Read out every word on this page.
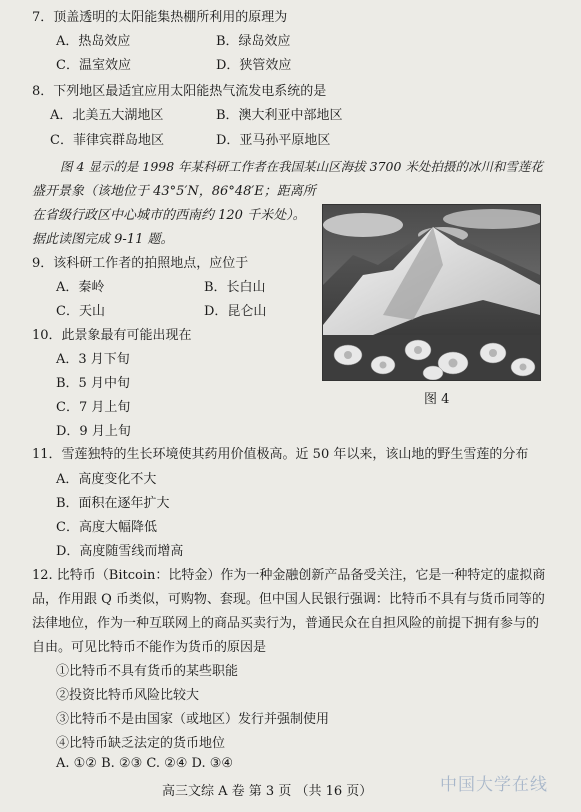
7．顶盖透明的太阳能集热棚所利用的原理为
A．热岛效应	B．绿岛效应
C．温室效应	D．狭管效应
8．下列地区最适宜应用太阳能热气流发电系统的是
A．北美五大湖地区	B．澳大利亚中部地区
C．菲律宾群岛地区	D．亚马孙平原地区
图 4 显示的是 1998 年某科研工作者在我国某山区海拔 3700 米处拍摄的冰川和雪莲花
盛开景象（该地位于 43°5′N，86°48′E；距离所
在省级行政区中心城市的西南约 120 千米处）。
据此读图完成 9-11 题。
图 4
9．该科研工作者的拍照地点，应位于
A．秦岭	B．长白山
C．天山	D．昆仑山
10．此景象最有可能出现在
A．3 月下旬
B．5 月中旬
C．7 月上旬
D．9 月上旬
11．雪莲独特的生长环境使其药用价值极高。近 50 年以来，该山地的野生雪莲的分布
A．高度变化不大
B．面积在逐年扩大
C．高度大幅降低
D．高度随雪线而增高
12. 比特币（Bitcoin：比特金）作为一种金融创新产品备受关注，它是一种特定的虚拟商
品，作用跟 Q 币类似，可购物、套现。但中国人民银行强调：比特币不具有与货币同等的
法律地位，作为一种互联网上的商品买卖行为，普通民众在自担风险的前提下拥有参与的
自由。可见比特币不能作为货币的原因是
①比特币不具有货币的某些职能
②投资比特币风险比较大
③比特币不是由国家（或地区）发行并强制使用
④比特币缺乏法定的货币地位
A. ①② B. ②③ C. ②④ D. ③④
高三文综 A 卷 第 3 页 （共 16 页）	中国大学在线
